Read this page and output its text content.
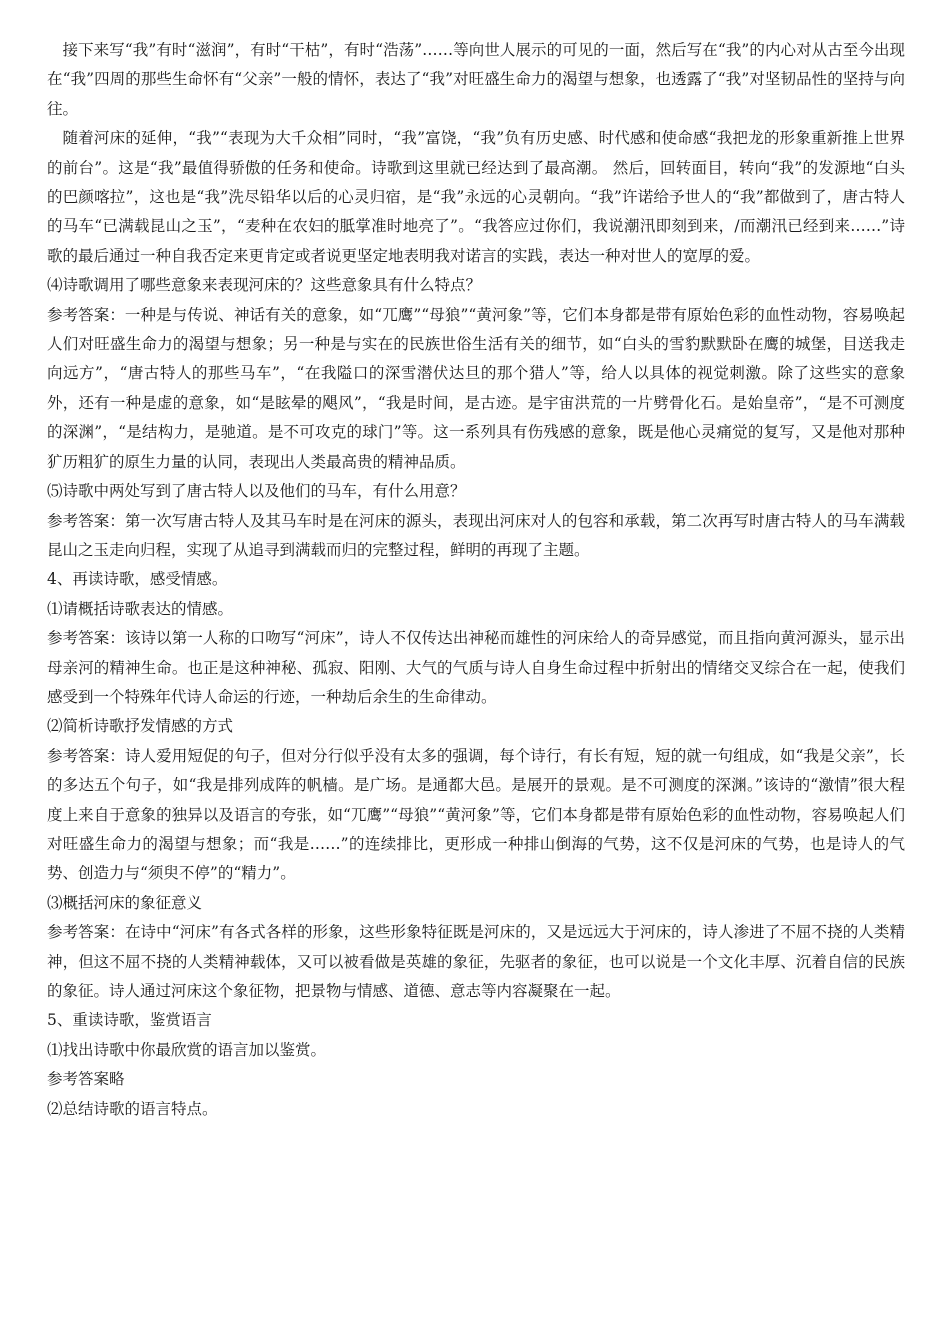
接下来写“我”有时“滋润”，有时“干枯”，有时“浩荡”……等向世人展示的可见的一面，然后写在“我”的内心对从古至今出现在“我”四周的那些生命怀有“父亲”一般的情怀，表达了“我”对旺盛生命力的渴望与想象，也透露了“我”对坚韧品性的坚持与向往。

随着河床的延伸，“我”“表现为大千众相”同时，“我”富饶，“我”负有历史感、时代感和使命感“我把龙的形象重新推上世界的前台”。这是“我”最值得骄傲的任务和使命。诗歌到这里就已经达到了最高潮。 然后，回转面目，转向“我”的发源地“白头的巴颜喀拉”，这也是“我”洗尽铅华以后的心灵归宿，是“我”永远的心灵朝向。“我”许诺给予世人的“我”都做到了，唐古特人的马车“已满载昆山之玉”，“麦种在农妇的胝掌准时地亮了”。“我答应过你们，我说潮汛即刻到来，/而潮汛已经到来……”诗歌的最后通过一种自我否定来更肯定或者说更坚定地表明我对诺言的实践，表达一种对世人的宽厚的爱。

⑷诗歌调用了哪些意象来表现河床的？这些意象具有什么特点？

参考答案：一种是与传说、神话有关的意象，如“兀鹰”“母狼”“黄河象”等，它们本身都是带有原始色彩的血性动物，容易唤起人们对旺盛生命力的渴望与想象；另一种是与实在的民族世俗生活有关的细节，如“白头的雪豹默默卧在鹰的城堡，目送我走向远方”，“唐古特人的那些马车”，“在我隘口的深雪潜伏达旦的那个猎人”等，给人以具体的视觉刺激。除了这些实的意象外，还有一种是虚的意象，如“是眩晕的飓风”，“我是时间，是古迹。是宇宙洪荒的一片劈骨化石。是始皇帝”，“是不可测度的深渊”，“是结构力，是驰道。是不可攻克的球门”等。这一系列具有伤残感的意象，既是他心灵痛觉的复写，又是他对那种犷历粗犷的原生力量的认同，表现出人类最高贵的精神品质。

⑸诗歌中两处写到了唐古特人以及他们的马车，有什么用意？

参考答案：第一次写唐古特人及其马车时是在河床的源头，表现出河床对人的包容和承载，第二次再写时唐古特人的马车满载昆山之玉走向归程，实现了从追寻到满载而归的完整过程，鲜明的再现了主题。

4、再读诗歌，感受情感。

⑴请概括诗歌表达的情感。

参考答案：该诗以第一人称的口吻写“河床”，诗人不仅传达出神秘而雄性的河床给人的奇异感觉，而且指向黄河源头，显示出母亲河的精神生命。也正是这种神秘、孤寂、阳刚、大气的气质与诗人自身生命过程中折射出的情绪交叉综合在一起，使我们感受到一个特殊年代诗人命运的行迹，一种劫后余生的生命律动。

⑵简析诗歌抒发情感的方式

参考答案：诗人爱用短促的句子，但对分行似乎没有太多的强调，每个诗行，有长有短，短的就一句组成，如“我是父亲”，长的多达五个句子，如“我是排列成阵的帆樯。是广场。是通都大邑。是展开的景观。是不可测度的深渊。”该诗的“激情”很大程度上来自于意象的独异以及语言的夸张，如“兀鹰”“母狼”“黄河象”等，它们本身都是带有原始色彩的血性动物，容易唤起人们对旺盛生命力的渴望与想象；而“我是……”的连续排比，更形成一种排山倒海的气势，这不仅是河床的气势，也是诗人的气势、创造力与“须臾不停”的“精力”。

⑶概括河床的象征意义

参考答案：在诗中“河床”有各式各样的形象，这些形象特征既是河床的，又是远远大于河床的，诗人渗进了不屈不挠的人类精神，但这不屈不挠的人类精神载体，又可以被看做是英雄的象征，先驱者的象征，也可以说是一个文化丰厚、沉着自信的民族的象征。诗人通过河床这个象征物，把景物与情感、道德、意志等内容凝聚在一起。

5、重读诗歌，鉴赏语言

⑴找出诗歌中你最欣赏的语言加以鉴赏。

参考答案略

⑵总结诗歌的语言特点。
